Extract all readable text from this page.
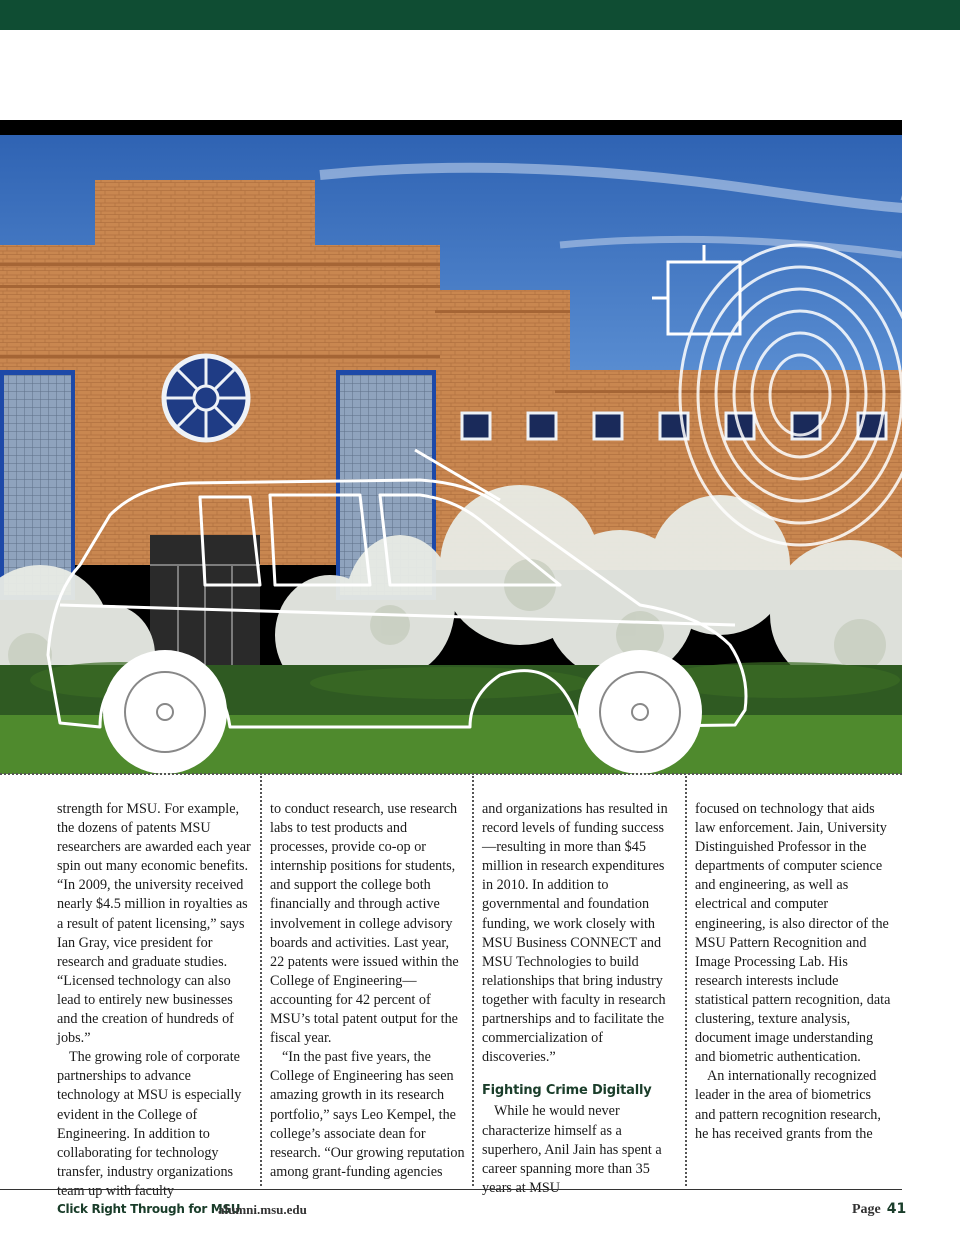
strength for MSU. For example, the dozens of patents MSU researchers are awarded each year spin out many economic benefits. “In 2009, the university received nearly $4.5 million in royalties as a result of patent licensing,” says Ian Gray, vice president for research and graduate studies. “Licensed technology can also lead to entirely new businesses and the creation of hundreds of jobs.”

The growing role of corporate partnerships to advance technology at MSU is especially evident in the College of Engineering. In addition to collaborating for technology transfer, industry organizations team up with faculty

to conduct research, use research labs to test products and processes, provide co-op or internship positions for students, and support the college both financially and through active involvement in college advisory boards and activities. Last year, 22 patents were issued within the College of Engineering—accounting for 42 percent of MSU’s total patent output for the fiscal year.

“In the past five years, the College of Engineering has seen amazing growth in its research portfolio,” says Leo Kempel, the college’s associate dean for research. “Our growing reputation among grant-funding agencies

and organizations has resulted in record levels of funding success—resulting in more than $45 million in research expenditures in 2010. In addition to governmental and foundation funding, we work closely with MSU Business CONNECT and MSU Technologies to build relationships that bring industry together with faculty in research partnerships and to facilitate the commercialization of discoveries.”

Fighting Crime Digitally

While he would never characterize himself as a superhero, Anil Jain has spent a career spanning more than 35 years at MSU

focused on technology that aids law enforcement. Jain, University Distinguished Professor in the departments of computer science and engineering, as well as electrical and computer engineering, is also director of the MSU Pattern Recognition and Image Processing Lab. His research interests include statistical pattern recognition, data clustering, texture analysis, document image understanding and biometric authentication.

An internationally recognized leader in the area of biometrics and pattern recognition research, he has received grants from the

Click Right Through for MSU
alumni.msu.edu	Page 41
